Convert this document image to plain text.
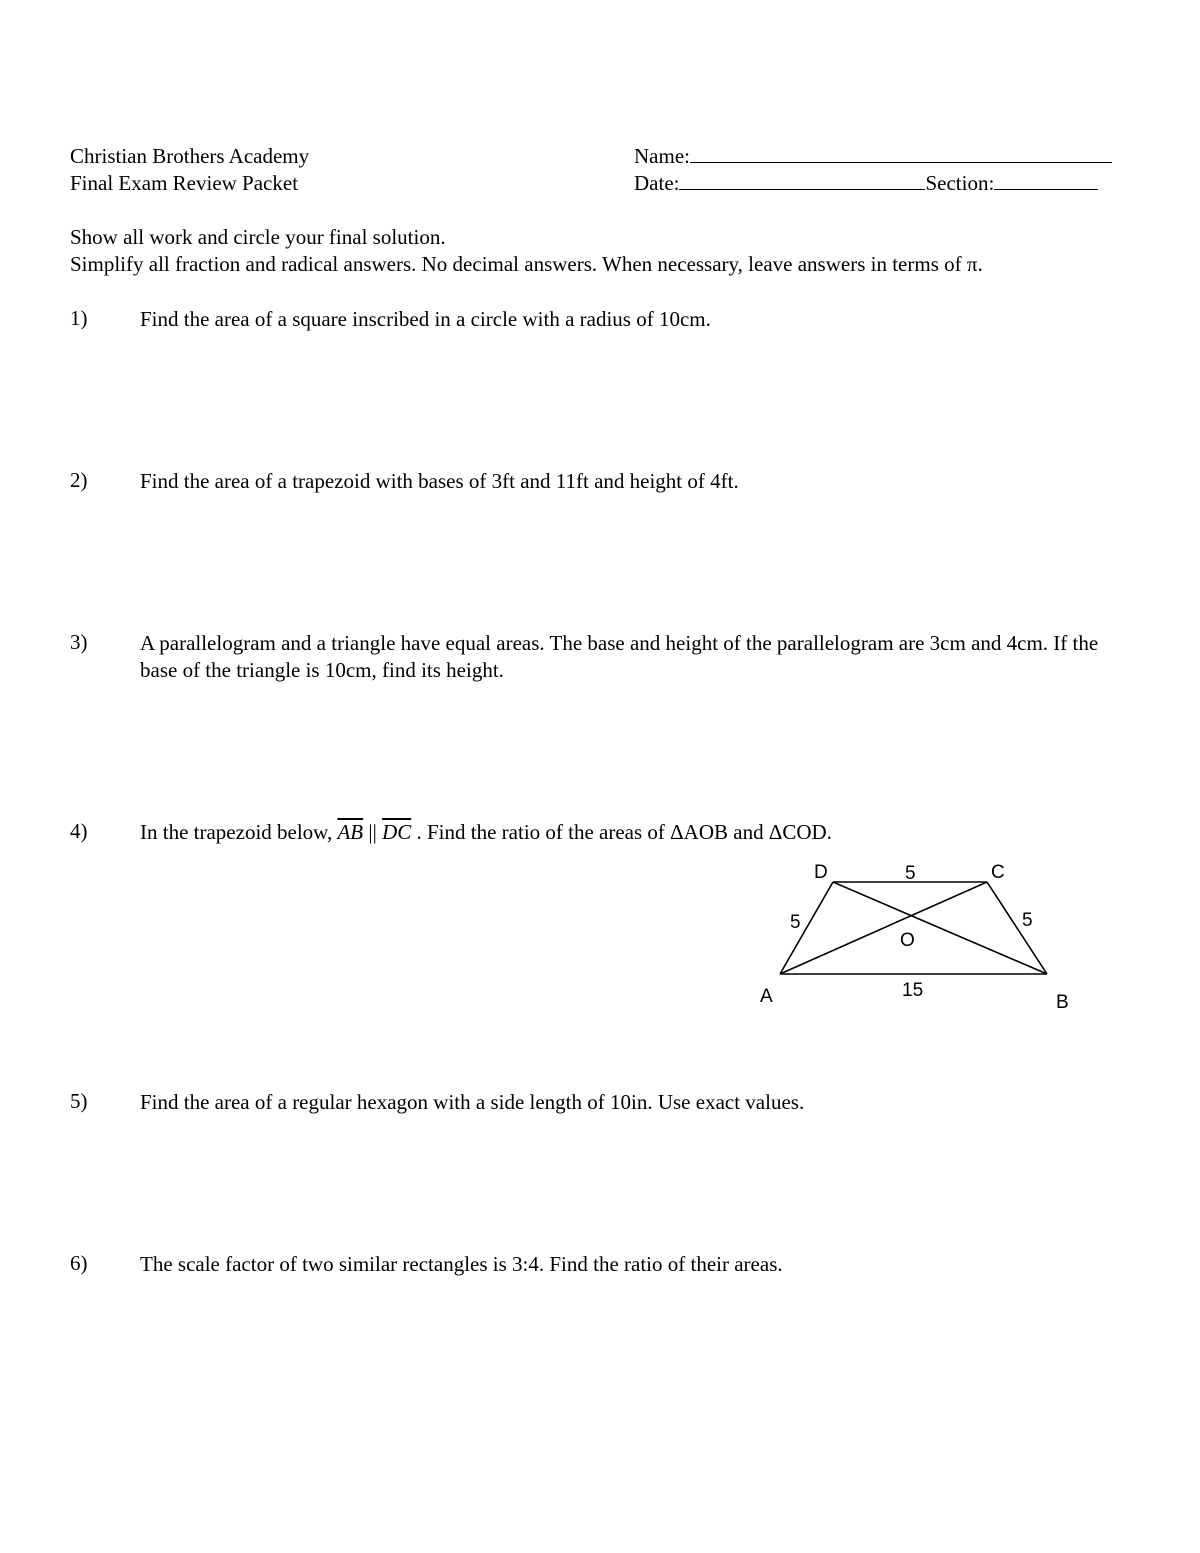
Christian Brothers Academy
Final Exam Review Packet
Name:
Date:	Section:
Show all work and circle your final solution.
Simplify all fraction and radical answers. No decimal answers. When necessary, leave answers in terms of π.
1)	Find the area of a square inscribed in a circle with a radius of 10cm.
2)	Find the area of a trapezoid with bases of 3ft and 11ft and height of 4ft.
3)	A parallelogram and a triangle have equal areas. The base and height of the parallelogram are 3cm and 4cm. If the base of the triangle is 10cm, find its height.
4)	In the trapezoid below, $\overline{AB}$ || $\overline{DC}$ . Find the ratio of the areas of ΔAOB and ΔCOD.
D	C
A	B
O
5
5	5
15
5)	Find the area of a regular hexagon with a side length of 10in. Use exact values.
6)	The scale factor of two similar rectangles is 3:4. Find the ratio of their areas.
